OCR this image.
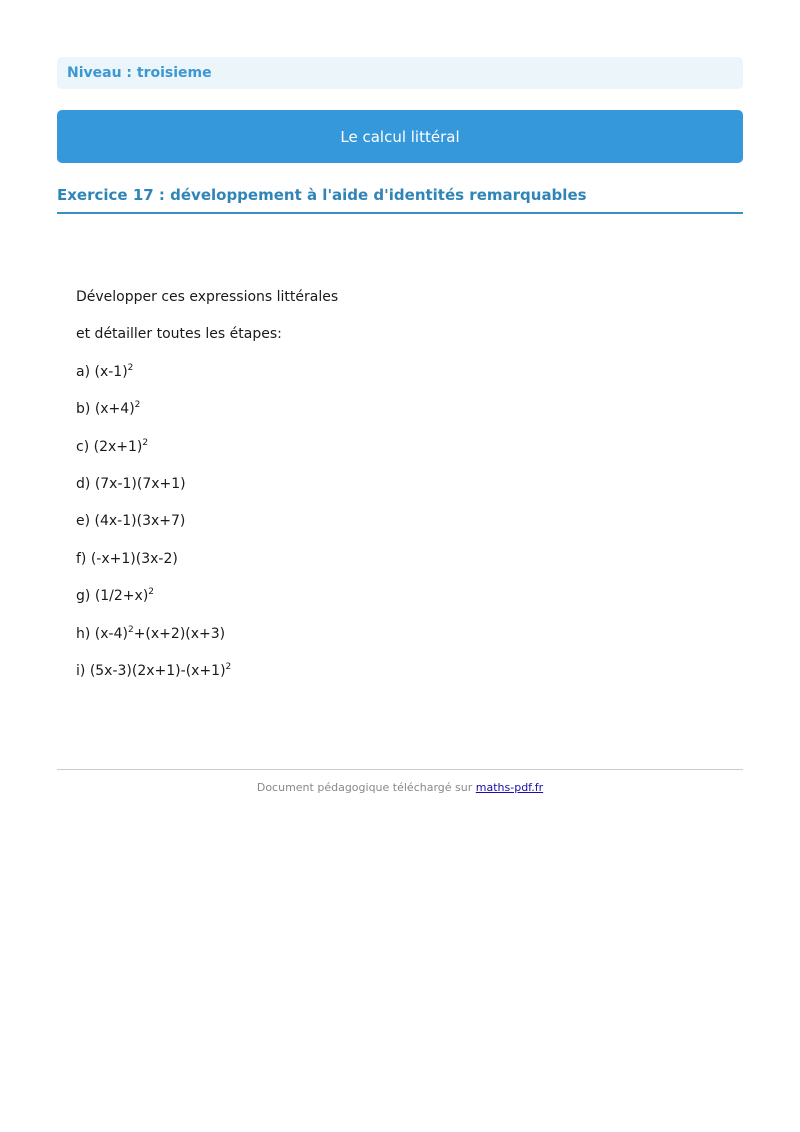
Niveau : troisieme
Le calcul littéral
Exercice 17 : développement à l'aide d'identités remarquables
Développer ces expressions littérales
et détailler toutes les étapes:
a) $(x-1)^2$
b) $(x+4)^2$
c) $(2x+1)^2$
d) (7x-1)(7x+1)
e) (4x-1)(3x+7)
f) (-x+1)(3x-2)
g) $(1/2+x)^2$
h) $(x-4)^2+(x+2)(x+3)$
i) $(5x-3)(2x+1)-(x+1)^2$
Document pédagogique téléchargé sur maths-pdf.fr
